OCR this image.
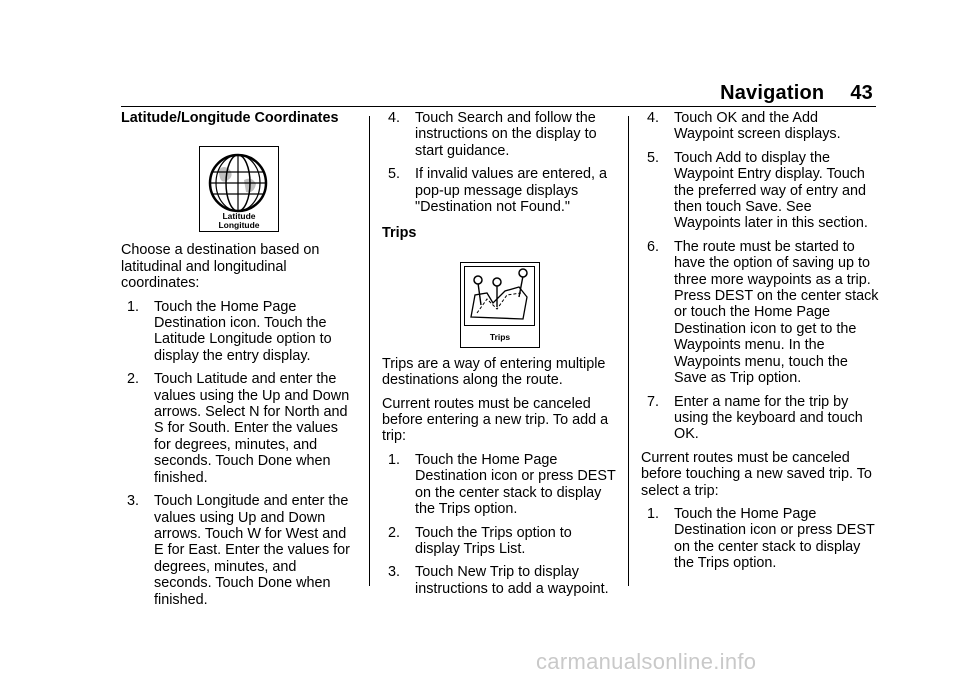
Navigation 43
Latitude/Longitude Coordinates
Latitude
Longitude

Choose a destination based on latitudinal and longitudinal coordinates:

1. Touch the Home Page Destination icon. Touch the Latitude Longitude option to display the entry display.
2. Touch Latitude and enter the values using the Up and Down arrows. Select N for North and S for South. Enter the values for degrees, minutes, and seconds. Touch Done when finished.
3. Touch Longitude and enter the values using Up and Down arrows. Touch W for West and E for East. Enter the values for degrees, minutes, and seconds. Touch Done when finished.
4. Touch Search and follow the instructions on the display to start guidance.
5. If invalid values are entered, a pop-up message displays "Destination not Found."
Trips
Trips

Trips are a way of entering multiple destinations along the route.

Current routes must be canceled before entering a new trip. To add a trip:

1. Touch the Home Page Destination icon or press DEST on the center stack to display the Trips option.
2. Touch the Trips option to display Trips List.
3. Touch New Trip to display instructions to add a waypoint.
4. Touch OK and the Add Waypoint screen displays.
5. Touch Add to display the Waypoint Entry display. Touch the preferred way of entry and then touch Save. See Waypoints later in this section.
6. The route must be started to have the option of saving up to three more waypoints as a trip. Press DEST on the center stack or touch the Home Page Destination icon to get to the Waypoints menu. In the Waypoints menu, touch the Save as Trip option.
7. Enter a name for the trip by using the keyboard and touch OK.

Current routes must be canceled before touching a new saved trip. To select a trip:

1. Touch the Home Page Destination icon or press DEST on the center stack to display the Trips option.
carmanualsonline.info
